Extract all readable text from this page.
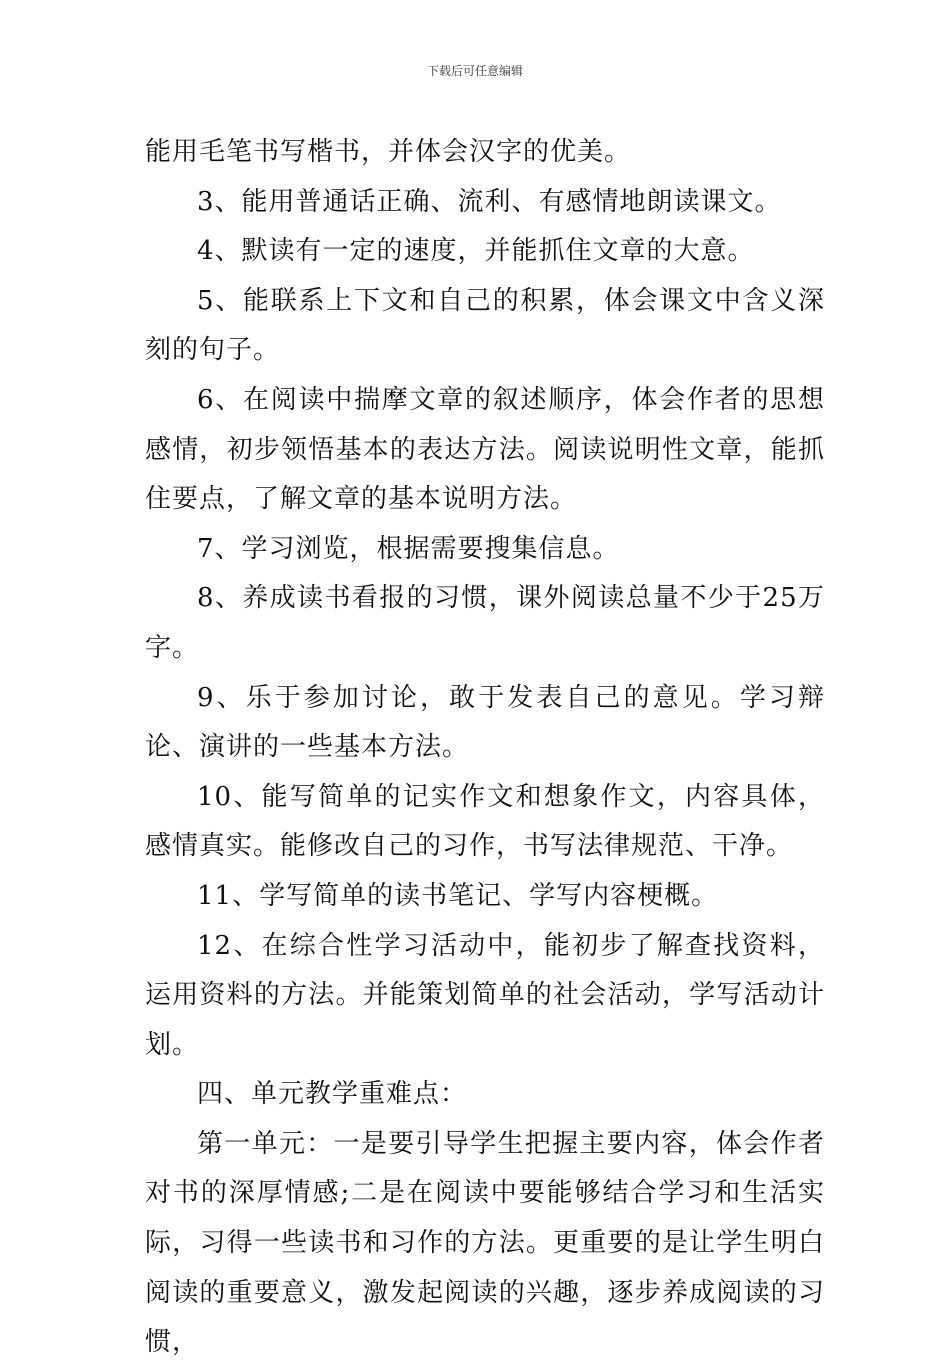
下载后可任意编辑

能用毛笔书写楷书，并体会汉字的优美。

3、能用普通话正确、流利、有感情地朗读课文。

4、默读有一定的速度，并能抓住文章的大意。

5、能联系上下文和自己的积累，体会课文中含义深刻的句子。

6、在阅读中揣摩文章的叙述顺序，体会作者的思想感情，初步领悟基本的表达方法。阅读说明性文章，能抓住要点，了解文章的基本说明方法。

7、学习浏览，根据需要搜集信息。

8、养成读书看报的习惯，课外阅读总量不少于25万字。

9、乐于参加讨论，敢于发表自己的意见。学习辩论、演讲的一些基本方法。

10、能写简单的记实作文和想象作文，内容具体，感情真实。能修改自己的习作，书写法律规范、干净。

11、学写简单的读书笔记、学写内容梗概。

12、在综合性学习活动中，能初步了解查找资料，运用资料的方法。并能策划简单的社会活动，学写活动计划。

四、单元教学重难点：

第一单元：一是要引导学生把握主要内容，体会作者对书的深厚情感;二是在阅读中要能够结合学习和生活实际，习得一些读书和习作的方法。更重要的是让学生明白阅读的重要意义，激发起阅读的兴趣，逐步养成阅读的习惯，
